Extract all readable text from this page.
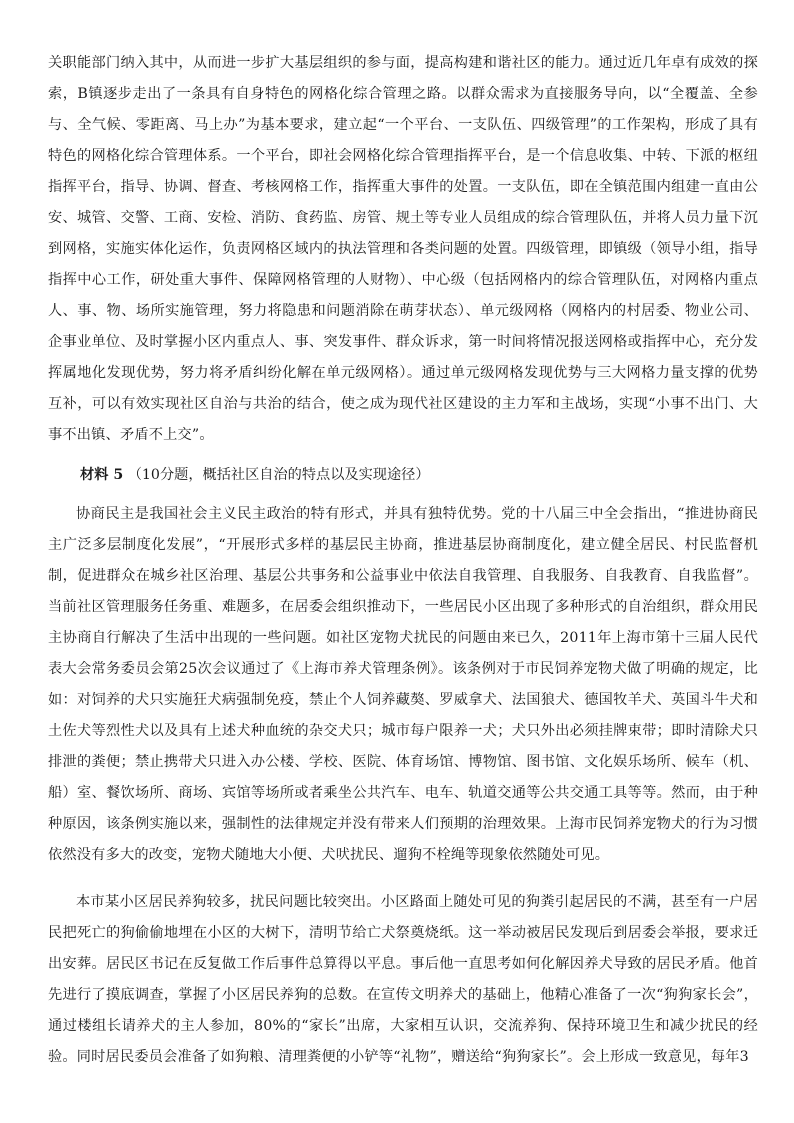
关职能部门纳入其中，从而进一步扩大基层组织的参与面，提高构建和谐社区的能力。通过近几年卓有成效的探索，B镇逐步走出了一条具有自身特色的网格化综合管理之路。以群众需求为直接服务导向，以“全覆盖、全参与、全气候、零距离、马上办”为基本要求，建立起“一个平台、一支队伍、四级管理”的工作架构，形成了具有特色的网格化综合管理体系。一个平台，即社会网格化综合管理指挥平台，是一个信息收集、中转、下派的枢纽指挥平台，指导、协调、督查、考核网格工作，指挥重大事件的处置。一支队伍，即在全镇范围内组建一直由公安、城管、交警、工商、安检、消防、食药监、房管、规土等专业人员组成的综合管理队伍，并将人员力量下沉到网格，实施实体化运作，负责网格区域内的执法管理和各类问题的处置。四级管理，即镇级（领导小组，指导指挥中心工作，研处重大事件、保障网格管理的人财物）、中心级（包括网格内的综合管理队伍，对网格内重点人、事、物、场所实施管理，努力将隐患和问题消除在萌芽状态）、单元级网格（网格内的村居委、物业公司、企事业单位、及时掌握小区内重点人、事、突发事件、群众诉求，第一时间将情况报送网格或指挥中心，充分发挥属地化发现优势，努力将矛盾纠纷化解在单元级网格）。通过单元级网格发现优势与三大网格力量支撑的优势互补，可以有效实现社区自治与共治的结合，使之成为现代社区建设的主力军和主战场，实现“小事不出门、大事不出镇、矛盾不上交”。

材料 5 （10分题，概括社区自治的特点以及实现途径）

协商民主是我国社会主义民主政治的特有形式，并具有独特优势。党的十八届三中全会指出，“推进协商民主广泛多层制度化发展”，“开展形式多样的基层民主协商，推进基层协商制度化，建立健全居民、村民监督机制，促进群众在城乡社区治理、基层公共事务和公益事业中依法自我管理、自我服务、自我教育、自我监督”。当前社区管理服务任务重、难题多，在居委会组织推动下，一些居民小区出现了多种形式的自治组织，群众用民主协商自行解决了生活中出现的一些问题。如社区宠物犬扰民的问题由来已久，2011年上海市第十三届人民代表大会常务委员会第25次会议通过了《上海市养犬管理条例》。该条例对于市民饲养宠物犬做了明确的规定，比如：对饲养的犬只实施狂犬病强制免疫，禁止个人饲养藏獒、罗威拿犬、法国狼犬、德国牧羊犬、英国斗牛犬和土佐犬等烈性犬以及具有上述犬种血统的杂交犬只；城市每户限养一犬；犬只外出必须挂牌束带；即时清除犬只排泄的粪便；禁止携带犬只进入办公楼、学校、医院、体育场馆、博物馆、图书馆、文化娱乐场所、候车（机、船）室、餐饮场所、商场、宾馆等场所或者乘坐公共汽车、电车、轨道交通等公共交通工具等等。然而，由于种种原因，该条例实施以来，强制性的法律规定并没有带来人们预期的治理效果。上海市民饲养宠物犬的行为习惯依然没有多大的改变，宠物犬随地大小便、犬吠扰民、遛狗不栓绳等现象依然随处可见。

本市某小区居民养狗较多，扰民问题比较突出。小区路面上随处可见的狗粪引起居民的不满，甚至有一户居民把死亡的狗偷偷地埋在小区的大树下，清明节给亡犬祭奠烧纸。这一举动被居民发现后到居委会举报，要求迁出安葬。居民区书记在反复做工作后事件总算得以平息。事后他一直思考如何化解因养犬导致的居民矛盾。他首先进行了摸底调查，掌握了小区居民养狗的总数。在宣传文明养犬的基础上，他精心准备了一次“狗狗家长会”，通过楼组长请养犬的主人参加，80%的“家长”出席，大家相互认识，交流养狗、保持环境卫生和减少扰民的经验。同时居民委员会准备了如狗粮、清理粪便的小铲等“礼物”，赠送给“狗狗家长”。会上形成一致意见，每年3
